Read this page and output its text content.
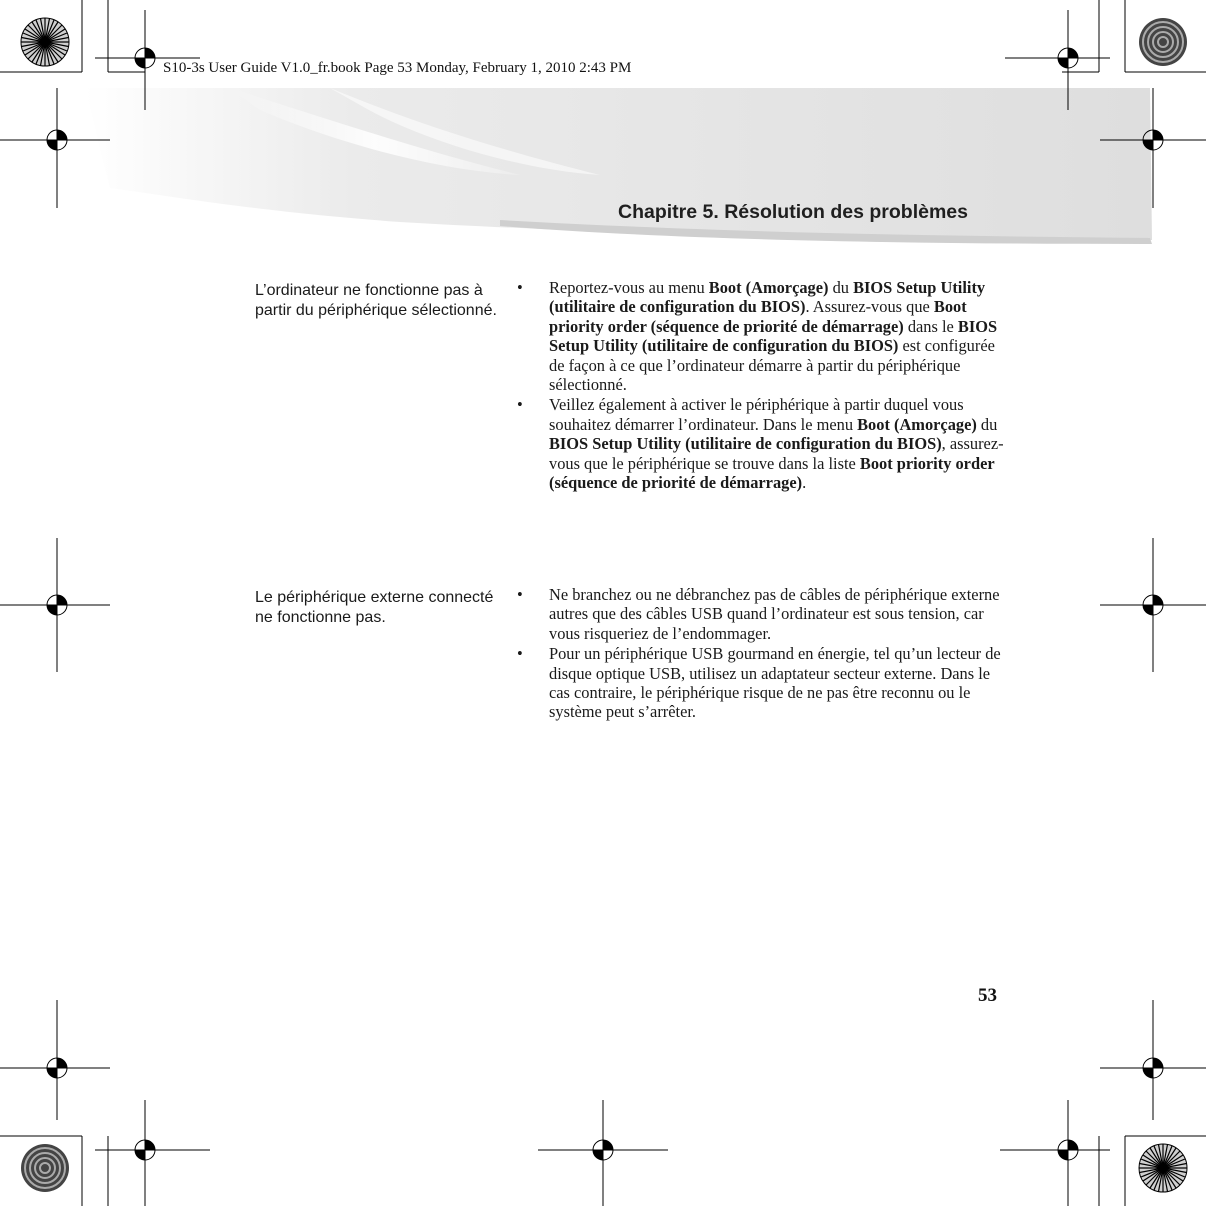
S10-3s User Guide V1.0_fr.book Page 53 Monday, February 1, 2010 2:43 PM
Chapitre 5. Résolution des problèmes
L’ordinateur ne fonctionne pas à partir du périphérique sélectionné.
• Reportez-vous au menu Boot (Amorçage) du BIOS Setup Utility (utilitaire de configuration du BIOS). Assurez-vous que Boot priority order (séquence de priorité de démarrage) dans le BIOS Setup Utility (utilitaire de configuration du BIOS) est configurée de façon à ce que l’ordinateur démarre à partir du périphérique sélectionné.
• Veillez également à activer le périphérique à partir duquel vous souhaitez démarrer l’ordinateur. Dans le menu Boot (Amorçage) du BIOS Setup Utility (utilitaire de configuration du BIOS), assurez-vous que le périphérique se trouve dans la liste Boot priority order (séquence de priorité de démarrage).
Le périphérique externe connecté ne fonctionne pas.
• Ne branchez ou ne débranchez pas de câbles de périphérique externe autres que des câbles USB quand l’ordinateur est sous tension, car vous risqueriez de l’endommager.
• Pour un périphérique USB gourmand en énergie, tel qu’un lecteur de disque optique USB, utilisez un adaptateur secteur externe. Dans le cas contraire, le périphérique risque de ne pas être reconnu ou le système peut s’arrêter.
53
